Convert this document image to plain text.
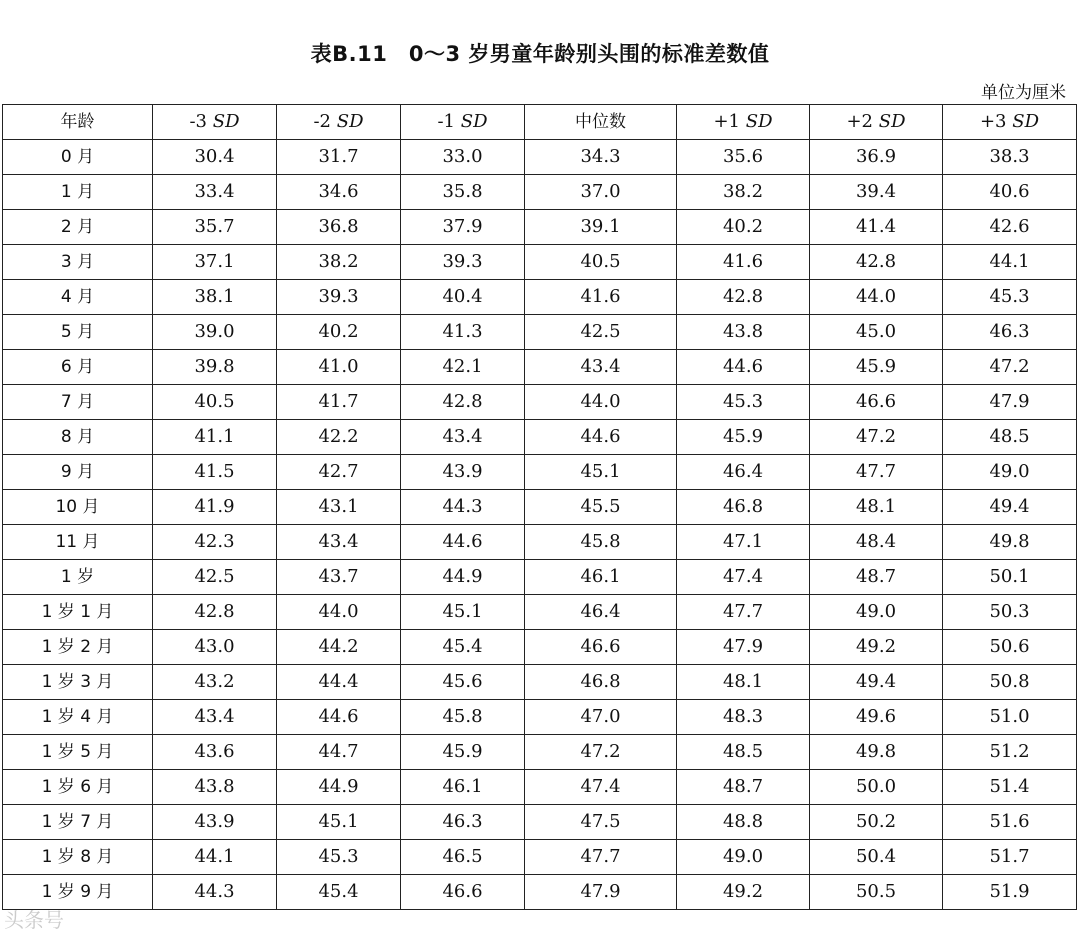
表B.11　0～3 岁男童年龄别头围的标准差数值
单位为厘米
年龄	-3 SD	-2 SD	-1 SD	中位数	+1 SD	+2 SD	+3 SD
0 月	30.4	31.7	33.0	34.3	35.6	36.9	38.3
1 月	33.4	34.6	35.8	37.0	38.2	39.4	40.6
2 月	35.7	36.8	37.9	39.1	40.2	41.4	42.6
3 月	37.1	38.2	39.3	40.5	41.6	42.8	44.1
4 月	38.1	39.3	40.4	41.6	42.8	44.0	45.3
5 月	39.0	40.2	41.3	42.5	43.8	45.0	46.3
6 月	39.8	41.0	42.1	43.4	44.6	45.9	47.2
7 月	40.5	41.7	42.8	44.0	45.3	46.6	47.9
8 月	41.1	42.2	43.4	44.6	45.9	47.2	48.5
9 月	41.5	42.7	43.9	45.1	46.4	47.7	49.0
10 月	41.9	43.1	44.3	45.5	46.8	48.1	49.4
11 月	42.3	43.4	44.6	45.8	47.1	48.4	49.8
1 岁	42.5	43.7	44.9	46.1	47.4	48.7	50.1
1 岁 1 月	42.8	44.0	45.1	46.4	47.7	49.0	50.3
1 岁 2 月	43.0	44.2	45.4	46.6	47.9	49.2	50.6
1 岁 3 月	43.2	44.4	45.6	46.8	48.1	49.4	50.8
1 岁 4 月	43.4	44.6	45.8	47.0	48.3	49.6	51.0
1 岁 5 月	43.6	44.7	45.9	47.2	48.5	49.8	51.2
1 岁 6 月	43.8	44.9	46.1	47.4	48.7	50.0	51.4
1 岁 7 月	43.9	45.1	46.3	47.5	48.8	50.2	51.6
1 岁 8 月	44.1	45.3	46.5	47.7	49.0	50.4	51.7
1 岁 9 月	44.3	45.4	46.6	47.9	49.2	50.5	51.9
头条号
